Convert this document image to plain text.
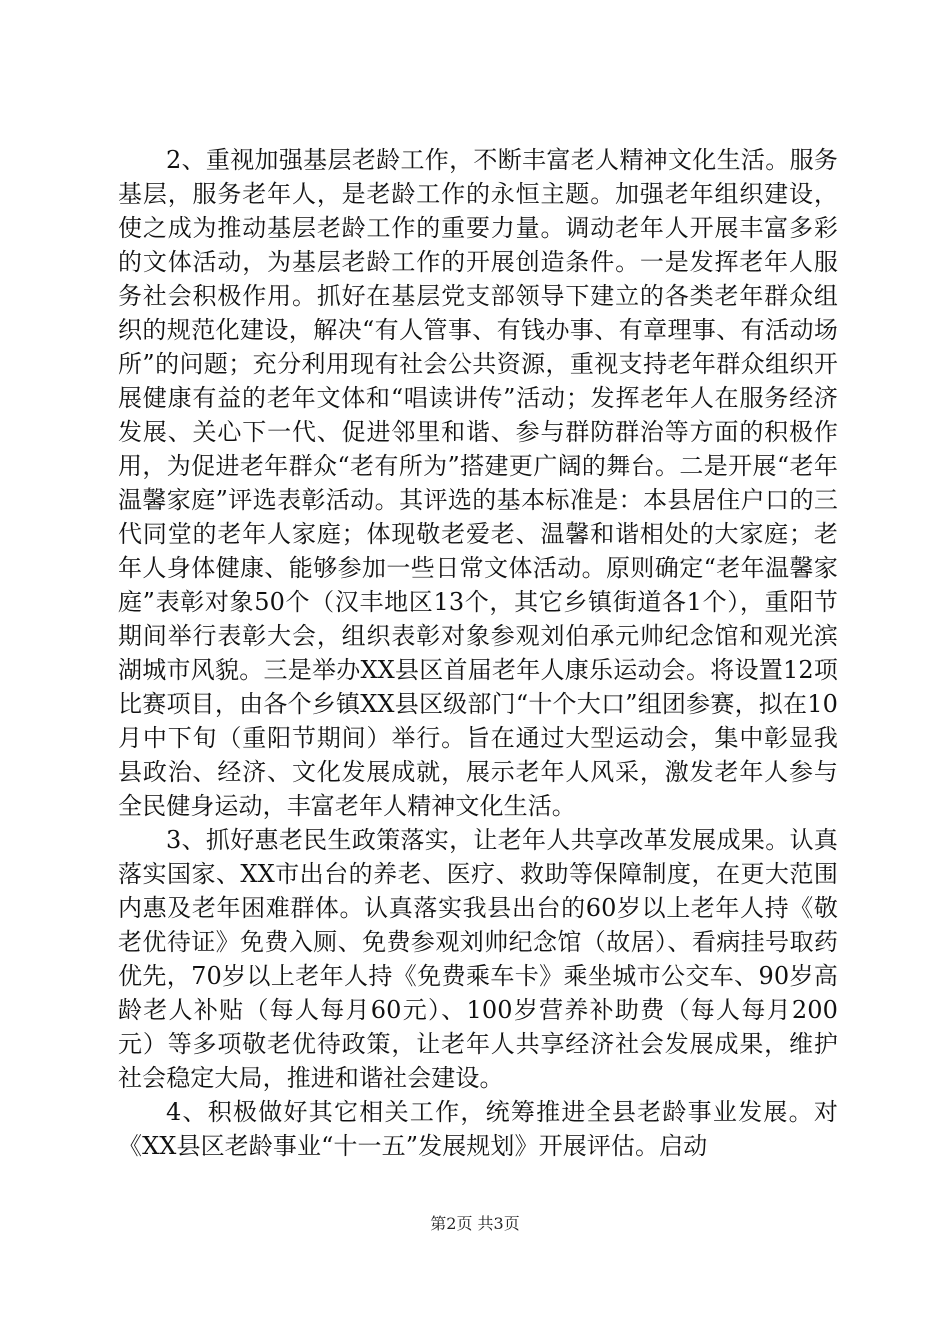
2、重视加强基层老龄工作，不断丰富老人精神文化生活。服务基层，服务老年人，是老龄工作的永恒主题。加强老年组织建设，使之成为推动基层老龄工作的重要力量。调动老年人开展丰富多彩的文体活动，为基层老龄工作的开展创造条件。一是发挥老年人服务社会积极作用。抓好在基层党支部领导下建立的各类老年群众组织的规范化建设，解决“有人管事、有钱办事、有章理事、有活动场所”的问题；充分利用现有社会公共资源，重视支持老年群众组织开展健康有益的老年文体和“唱读讲传”活动；发挥老年人在服务经济发展、关心下一代、促进邻里和谐、参与群防群治等方面的积极作用，为促进老年群众“老有所为”搭建更广阔的舞台。二是开展“老年温馨家庭”评选表彰活动。其评选的基本标准是：本县居住户口的三代同堂的老年人家庭；体现敬老爱老、温馨和谐相处的大家庭；老年人身体健康、能够参加一些日常文体活动。原则确定“老年温馨家庭”表彰对象50个（汉丰地区13个，其它乡镇街道各1个），重阳节期间举行表彰大会，组织表彰对象参观刘伯承元帅纪念馆和观光滨湖城市风貌。三是举办XX县区首届老年人康乐运动会。将设置12项比赛项目，由各个乡镇XX县区级部门“十个大口”组团参赛，拟在10月中下旬（重阳节期间）举行。旨在通过大型运动会，集中彰显我县政治、经济、文化发展成就，展示老年人风采，激发老年人参与全民健身运动，丰富老年人精神文化生活。

3、抓好惠老民生政策落实，让老年人共享改革发展成果。认真落实国家、XX市出台的养老、医疗、救助等保障制度，在更大范围内惠及老年困难群体。认真落实我县出台的60岁以上老年人持《敬老优待证》免费入厕、免费参观刘帅纪念馆（故居）、看病挂号取药优先，70岁以上老年人持《免费乘车卡》乘坐城市公交车、90岁高龄老人补贴（每人每月60元）、100岁营养补助费（每人每月200元）等多项敬老优待政策，让老年人共享经济社会发展成果，维护社会稳定大局，推进和谐社会建设。

4、积极做好其它相关工作，统筹推进全县老龄事业发展。对《XX县区老龄事业“十一五”发展规划》开展评估。启动

第2页 共3页
